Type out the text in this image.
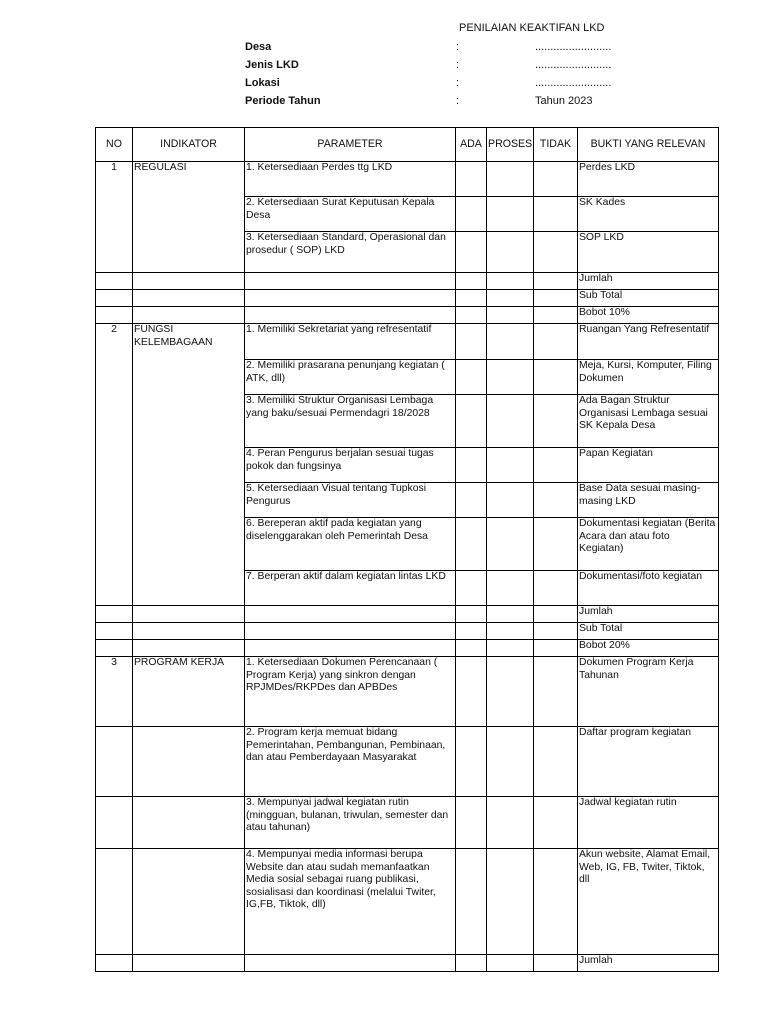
PENILAIAN KEAKTIFAN LKD
Desa	:	.........................
Jenis LKD	:	.........................
Lokasi	:	.........................
Periode Tahun	:	Tahun 2023
NO	INDIKATOR	PARAMETER	ADA	PROSES	TIDAK	BUKTI YANG RELEVAN
1	REGULASI	1. Ketersediaan Perdes ttg LKD				Perdes LKD
		2. Ketersediaan Surat Keputusan Kepala Desa				SK Kades
		3. Ketersediaan Standard, Operasional dan prosedur ( SOP) LKD				SOP LKD
						Jumlah
						Sub Total
						Bobot 10%
2	FUNGSI KELEMBAGAAN	1. Memiliki Sekretariat yang refresentatif				Ruangan Yang Refresentatif
		2. Memiliki prasarana penunjang kegiatan ( ATK, dll)				Meja, Kursi, Komputer, Filing Dokumen
		3. Memiliki Struktur Organisasi Lembaga yang baku/sesuai Permendagri 18/2028				Ada Bagan Struktur Organisasi Lembaga sesuai SK Kepala Desa
		4. Peran Pengurus berjalan sesuai tugas pokok dan fungsinya				Papan Kegiatan
		5. Ketersediaan Visual tentang Tupkosi Pengurus				Base Data sesuai masing-masing LKD
		6. Bereperan aktif pada kegiatan yang diselenggarakan oleh Pemerintah Desa				Dokumentasi kegiatan (Berita Acara dan atau foto Kegiatan)
		7. Berperan aktif dalam kegiatan lintas LKD				Dokumentasi/foto kegiatan
						Jumlah
						Sub Total
						Bobot 20%
3	PROGRAM KERJA	1. Ketersediaan Dokumen Perencanaan ( Program Kerja) yang sinkron dengan RPJMDes/RKPDes dan APBDes				Dokumen Program Kerja Tahunan
		2. Program kerja memuat bidang Pemerintahan, Pembangunan, Pembinaan, dan atau Pemberdayaan Masyarakat				Daftar program kegiatan
		3. Mempunyai jadwal kegiatan rutin (mingguan, bulanan, triwulan, semester dan atau tahunan)				Jadwal kegiatan rutin
		4. Mempunyai media informasi berupa Website dan atau sudah memanfaatkan Media sosial sebagai ruang publikasi, sosialisasi dan koordinasi (melalui Twiter, IG,FB, Tiktok, dll)				Akun website, Alamat Email, Web, IG, FB, Twiter, Tiktok, dll
						Jumlah
